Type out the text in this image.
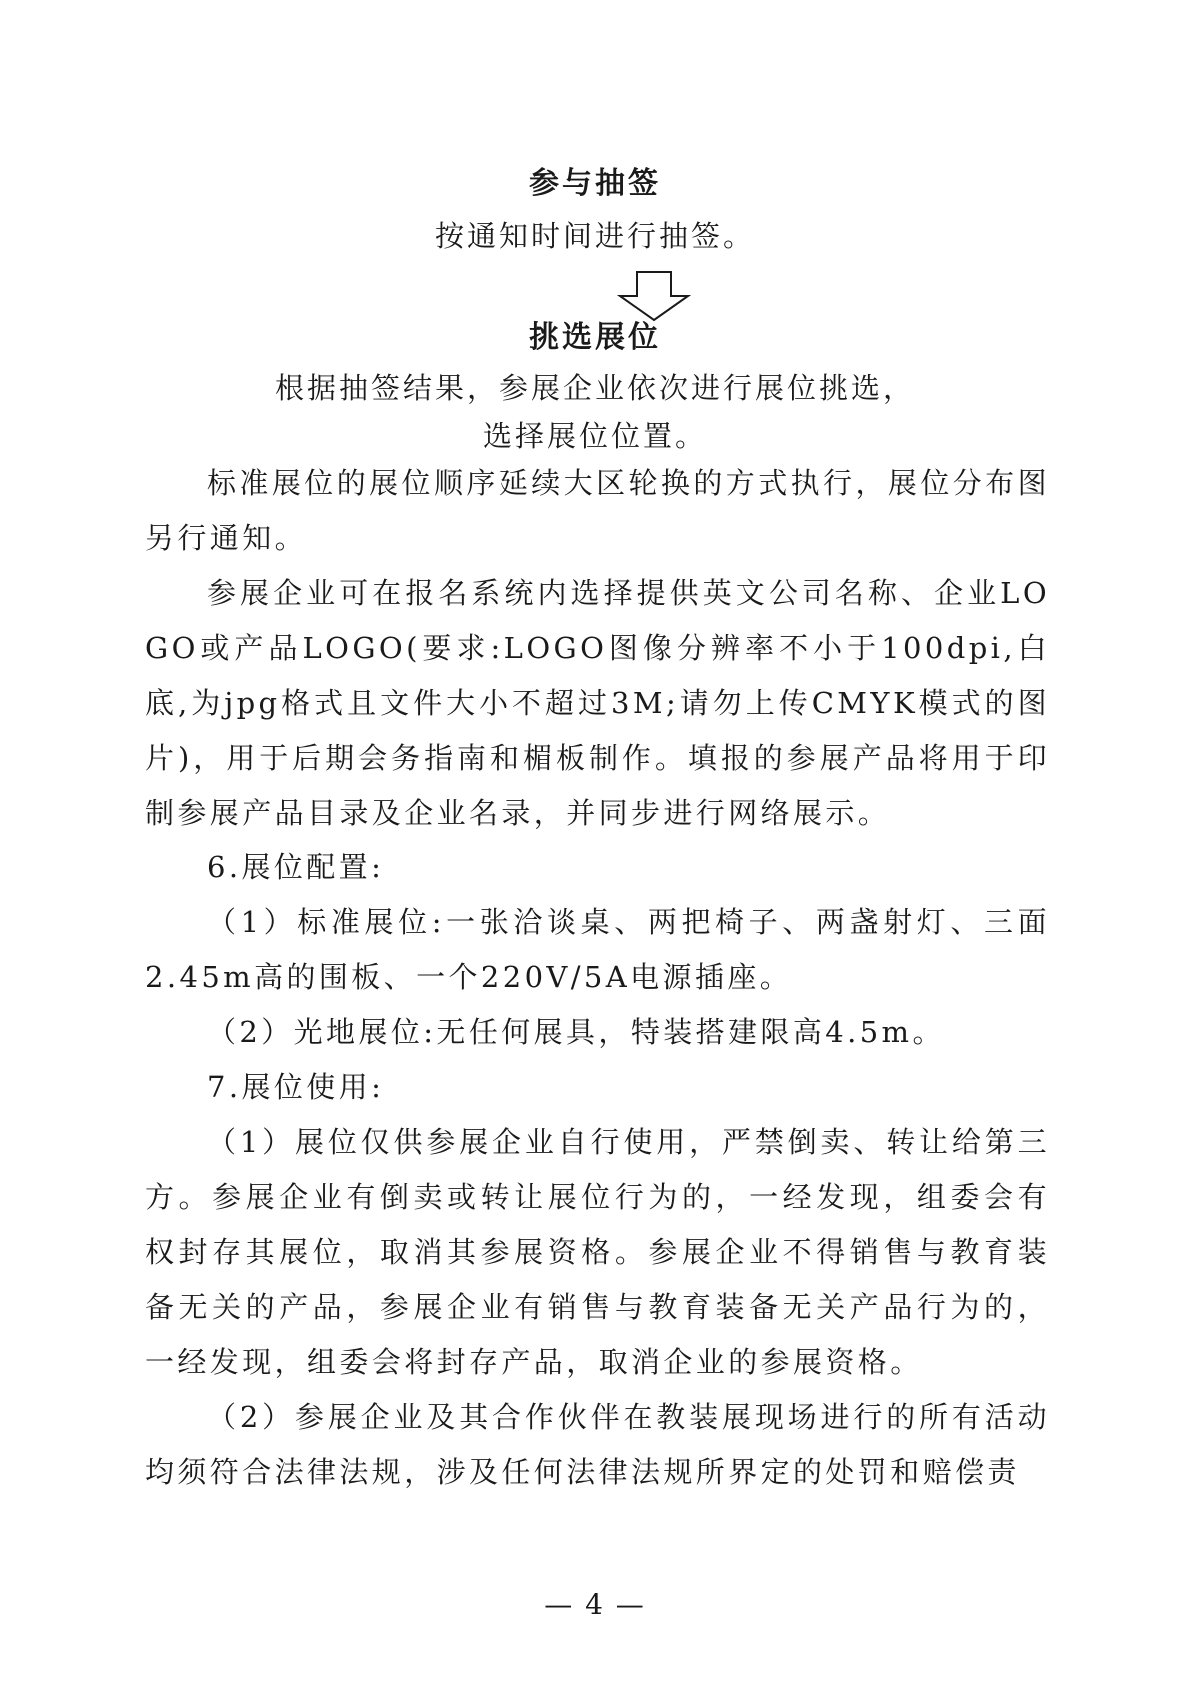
参与抽签
按通知时间进行抽签。
挑选展位
根据抽签结果，参展企业依次进行展位挑选，
选择展位位置。
标准展位的展位顺序延续大区轮换的方式执行，展位分布图另行通知。
参展企业可在报名系统内选择提供英文公司名称、企业LOGO或产品LOGO(要求:LOGO图像分辨率不小于100dpi,白底,为jpg格式且文件大小不超过3M;请勿上传CMYK模式的图片)，用于后期会务指南和楣板制作。填报的参展产品将用于印制参展产品目录及企业名录，并同步进行网络展示。
6.展位配置:
（1）标准展位:一张洽谈桌、两把椅子、两盏射灯、三面2.45m高的围板、一个220V/5A电源插座。
（2）光地展位:无任何展具，特装搭建限高4.5m。
7.展位使用:
（1）展位仅供参展企业自行使用，严禁倒卖、转让给第三方。参展企业有倒卖或转让展位行为的，一经发现，组委会有权封存其展位，取消其参展资格。参展企业不得销售与教育装备无关的产品，参展企业有销售与教育装备无关产品行为的，一经发现，组委会将封存产品，取消企业的参展资格。
（2）参展企业及其合作伙伴在教装展现场进行的所有活动均须符合法律法规，涉及任何法律法规所界定的处罚和赔偿责
— 4 —
